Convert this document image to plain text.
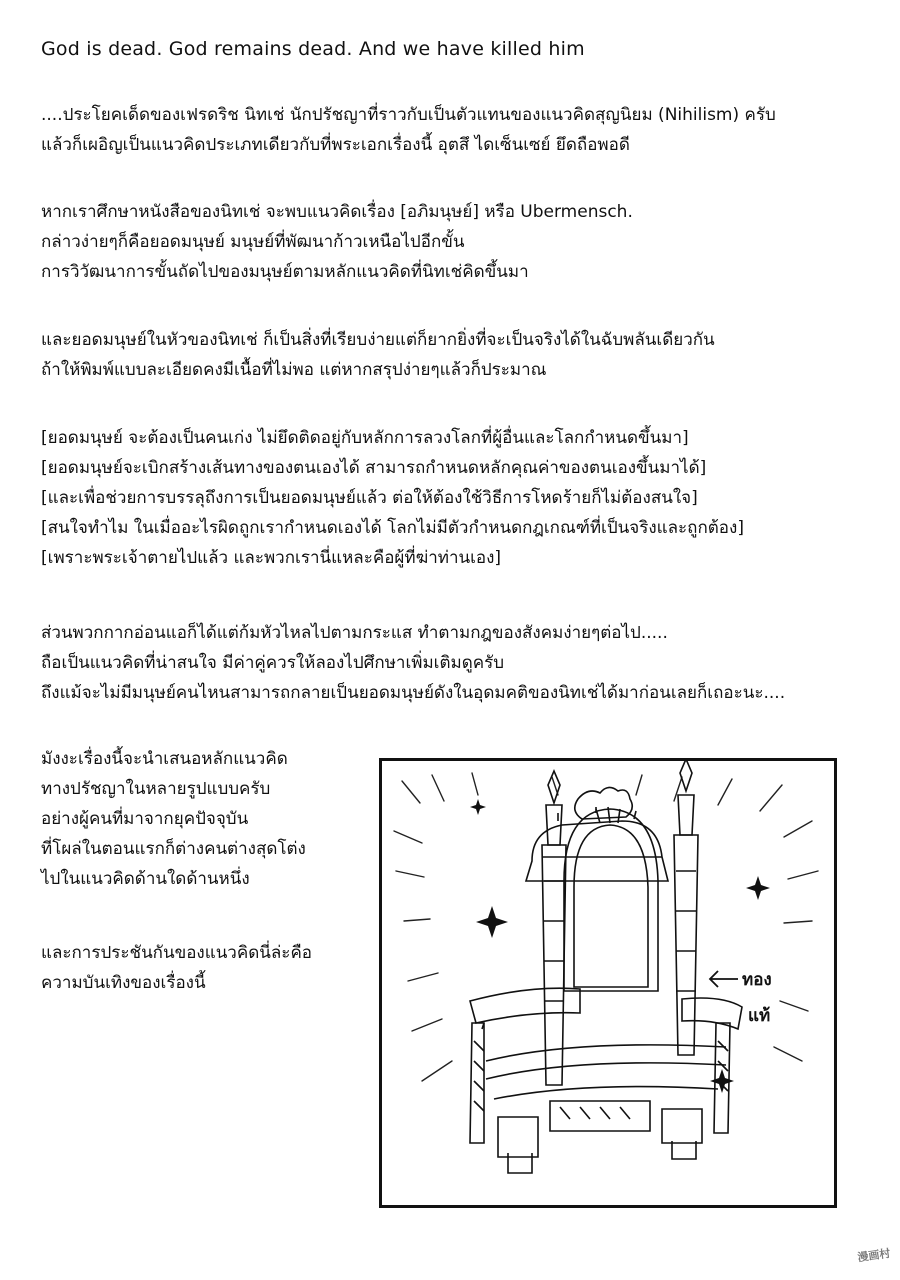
God is dead. God remains dead. And we have killed him

....ประโยคเด็ดของเฟรดริช นิทเช่ นักปรัชญาที่ราวกับเป็นตัวแทนของแนวคิดสุญนิยม (Nihilism) ครับ
แล้วก็เผอิญเป็นแนวคิดประเภทเดียวกับที่พระเอกเรื่องนี้ อุตสึ ไดเซ็นเซย์ ยึดถือพอดี

หากเราศึกษาหนังสือของนิทเช่ จะพบแนวคิดเรื่อง [อภิมนุษย์] หรือ Ubermensch.
กล่าวง่ายๆก็คือยอดมนุษย์ มนุษย์ที่พัฒนาก้าวเหนือไปอีกขั้น
การวิวัฒนาการขั้นถัดไปของมนุษย์ตามหลักแนวคิดที่นิทเช่คิดขึ้นมา

และยอดมนุษย์ในหัวของนิทเช่ ก็เป็นสิ่งที่เรียบง่ายแต่ก็ยากยิ่งที่จะเป็นจริงได้ในฉับพลันเดียวกัน
ถ้าให้พิมพ์แบบละเอียดคงมีเนื้อที่ไม่พอ แต่หากสรุปง่ายๆแล้วก็ประมาณ

[ยอดมนุษย์ จะต้องเป็นคนเก่ง ไม่ยึดติดอยู่กับหลักการลวงโลกที่ผู้อื่นและโลกกำหนดขึ้นมา]
[ยอดมนุษย์จะเบิกสร้างเส้นทางของตนเองได้ สามารถกำหนดหลักคุณค่าของตนเองขึ้นมาได้]
[และเพื่อช่วยการบรรลุถึงการเป็นยอดมนุษย์แล้ว ต่อให้ต้องใช้วิธีการโหดร้ายก็ไม่ต้องสนใจ]
[สนใจทำไม ในเมื่ออะไรผิดถูกเรากำหนดเองได้ โลกไม่มีตัวกำหนดกฎเกณฑ์ที่เป็นจริงและถูกต้อง]
[เพราะพระเจ้าตายไปแล้ว และพวกเรานี่แหละคือผู้ที่ฆ่าท่านเอง]

ส่วนพวกกากอ่อนแอก็ได้แต่ก้มหัวไหลไปตามกระแส ทำตามกฎของสังคมง่ายๆต่อไป.....
ถือเป็นแนวคิดที่น่าสนใจ มีค่าคู่ควรให้ลองไปศึกษาเพิ่มเติมดูครับ
ถึงแม้จะไม่มีมนุษย์คนไหนสามารถกลายเป็นยอดมนุษย์ดังในอุดมคติของนิทเช่ได้มาก่อนเลยก็เถอะนะ....

มังงะเรื่องนี้จะนำเสนอหลักแนวคิด
ทางปรัชญาในหลายรูปแบบครับ
อย่างผู้คนที่มาจากยุคปัจจุบัน
ที่โผล่ในตอนแรกก็ต่างคนต่างสุดโต่ง
ไปในแนวคิดด้านใดด้านหนึ่ง

และการประชันกันของแนวคิดนี่ล่ะคือ
ความบันเทิงของเรื่องนี้	ทอง
แท้
漫画村
